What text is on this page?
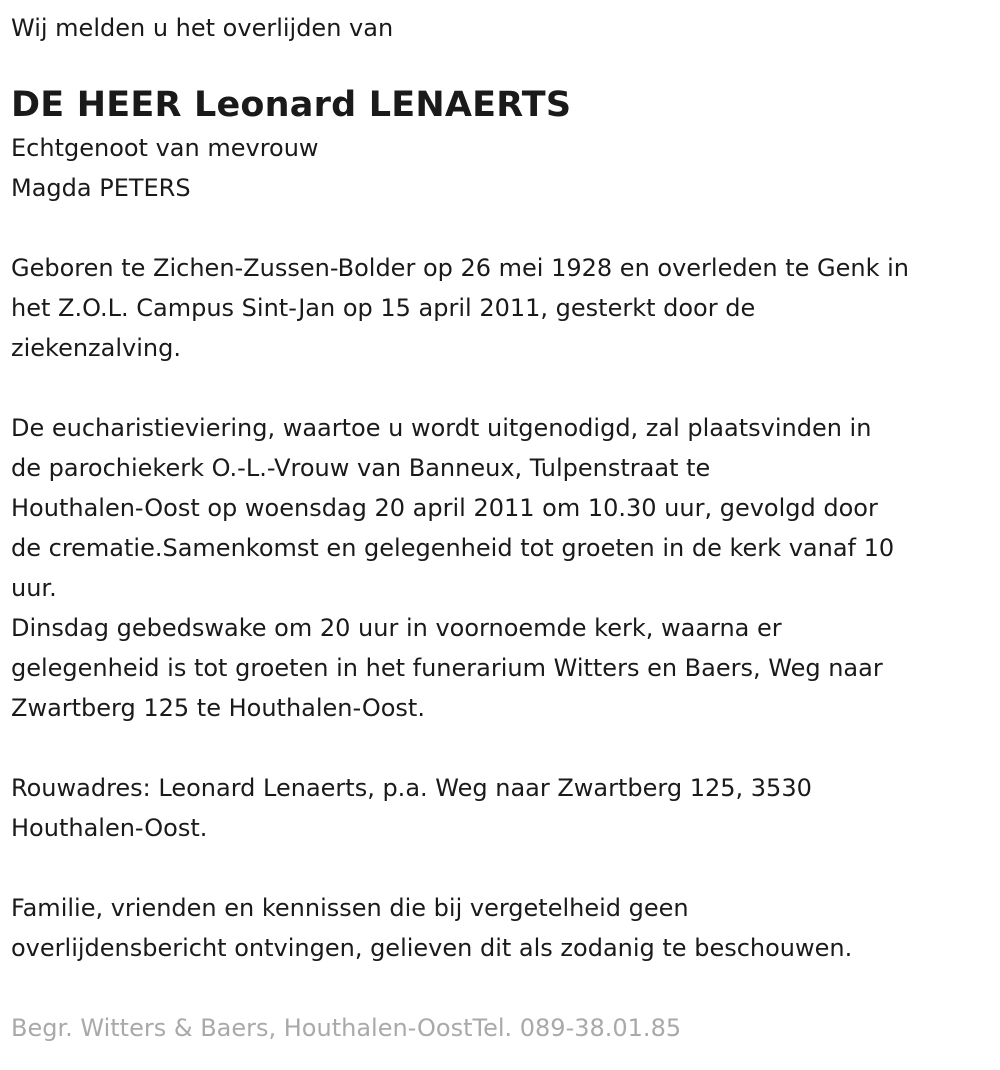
Wij melden u het overlijden van

DE HEER Leonard LENAERTS

Echtgenoot van mevrouw

Magda PETERS

Geboren te Zichen-Zussen-Bolder op 26 mei 1928 en overleden te Genk in

het Z.O.L. Campus Sint-Jan op 15 april 2011, gesterkt door de

ziekenzalving.

De eucharistieviering, waartoe u wordt uitgenodigd, zal plaatsvinden in

de parochiekerk O.-L.-Vrouw van Banneux, Tulpenstraat te

Houthalen-Oost op woensdag 20 april 2011 om 10.30 uur, gevolgd door

de crematie.Samenkomst en gelegenheid tot groeten in de kerk vanaf 10

uur.

Dinsdag gebedswake om 20 uur in voornoemde kerk, waarna er

gelegenheid is tot groeten in het funerarium Witters en Baers, Weg naar

Zwartberg 125 te Houthalen-Oost.

Rouwadres: Leonard Lenaerts, p.a. Weg naar Zwartberg 125, 3530

Houthalen-Oost.

Familie, vrienden en kennissen die bij vergetelheid geen

overlijdensbericht ontvingen, gelieven dit als zodanig te beschouwen.

Begr. Witters & Baers, Houthalen-OostTel. 089-38.01.85
